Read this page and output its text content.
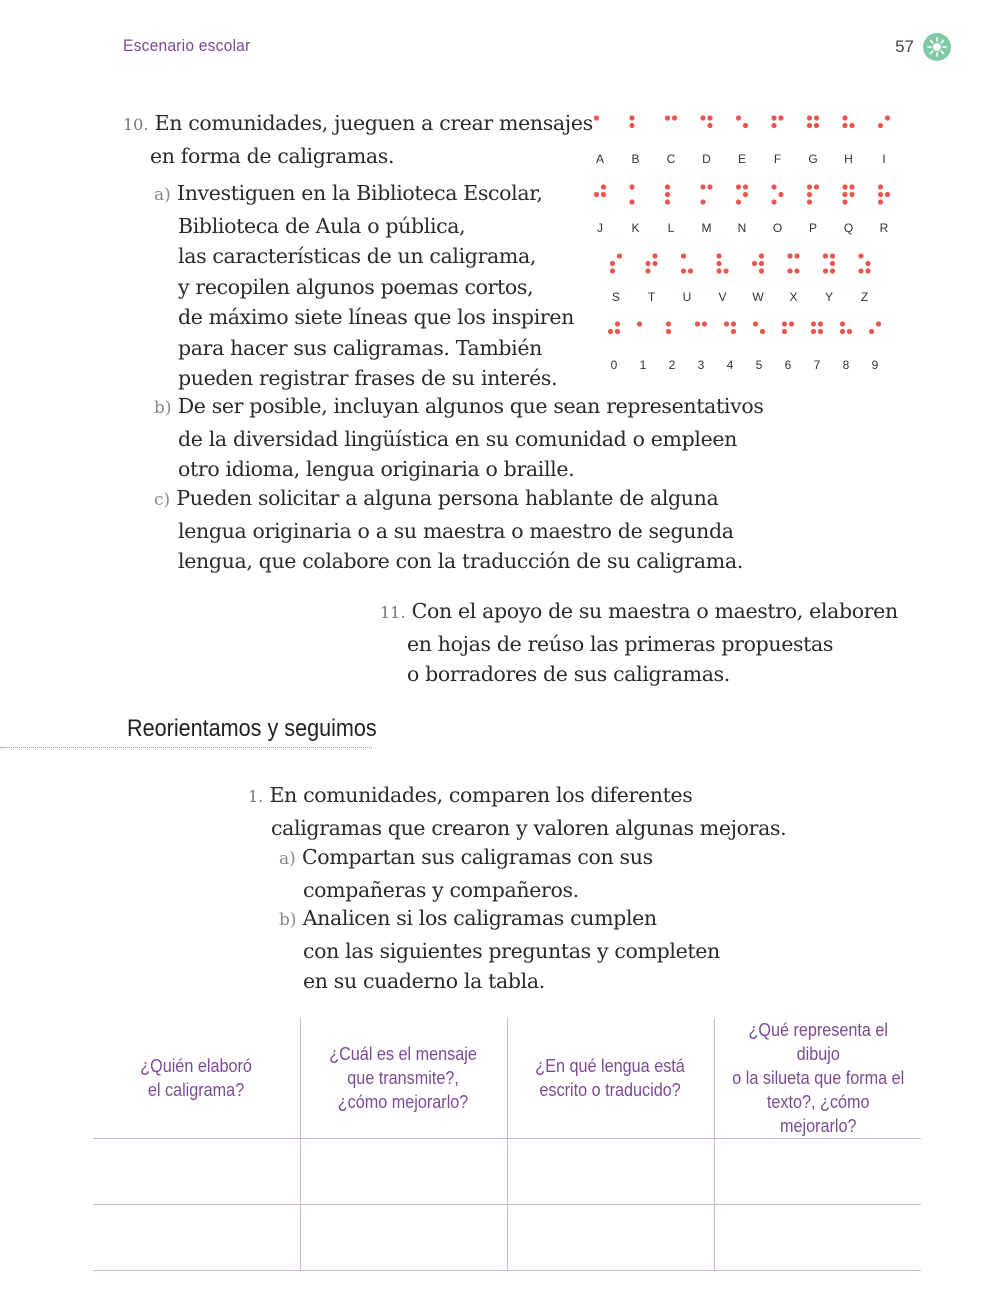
Escenario escolar	57
10. En comunidades, jueguen a crear mensajes
en forma de caligramas.
a) Investiguen en la Biblioteca Escolar,
Biblioteca de Aula o pública,
las características de un caligrama,
y recopilen algunos poemas cortos,
de máximo siete líneas que los inspiren
para hacer sus caligramas. También
pueden registrar frases de su interés.
b) De ser posible, incluyan algunos que sean representativos
de la diversidad lingüística en su comunidad o empleen
otro idioma, lengua originaria o braille.
c) Pueden solicitar a alguna persona hablante de alguna
lengua originaria o a su maestra o maestro de segunda
lengua, que colabore con la traducción de su caligrama.
A B C D E F G H I
J K L M N O P Q R
S T U V W X Y Z
0 1 2 3 4 5 6 7 8 9
11. Con el apoyo de su maestra o maestro, elaboren
en hojas de reúso las primeras propuestas
o borradores de sus caligramas.
Reorientamos y seguimos
1. En comunidades, comparen los diferentes
caligramas que crearon y valoren algunas mejoras.
a) Compartan sus caligramas con sus
compañeras y compañeros.
b) Analicen si los caligramas cumplen
con las siguientes preguntas y completen
en su cuaderno la tabla.
¿Quién elaboró
el caligrama?	¿Cuál es el mensaje
que transmite?,
¿cómo mejorarlo?	¿En qué lengua está
escrito o traducido?	¿Qué representa el dibujo
o la silueta que forma el
texto?, ¿cómo mejorarlo?
